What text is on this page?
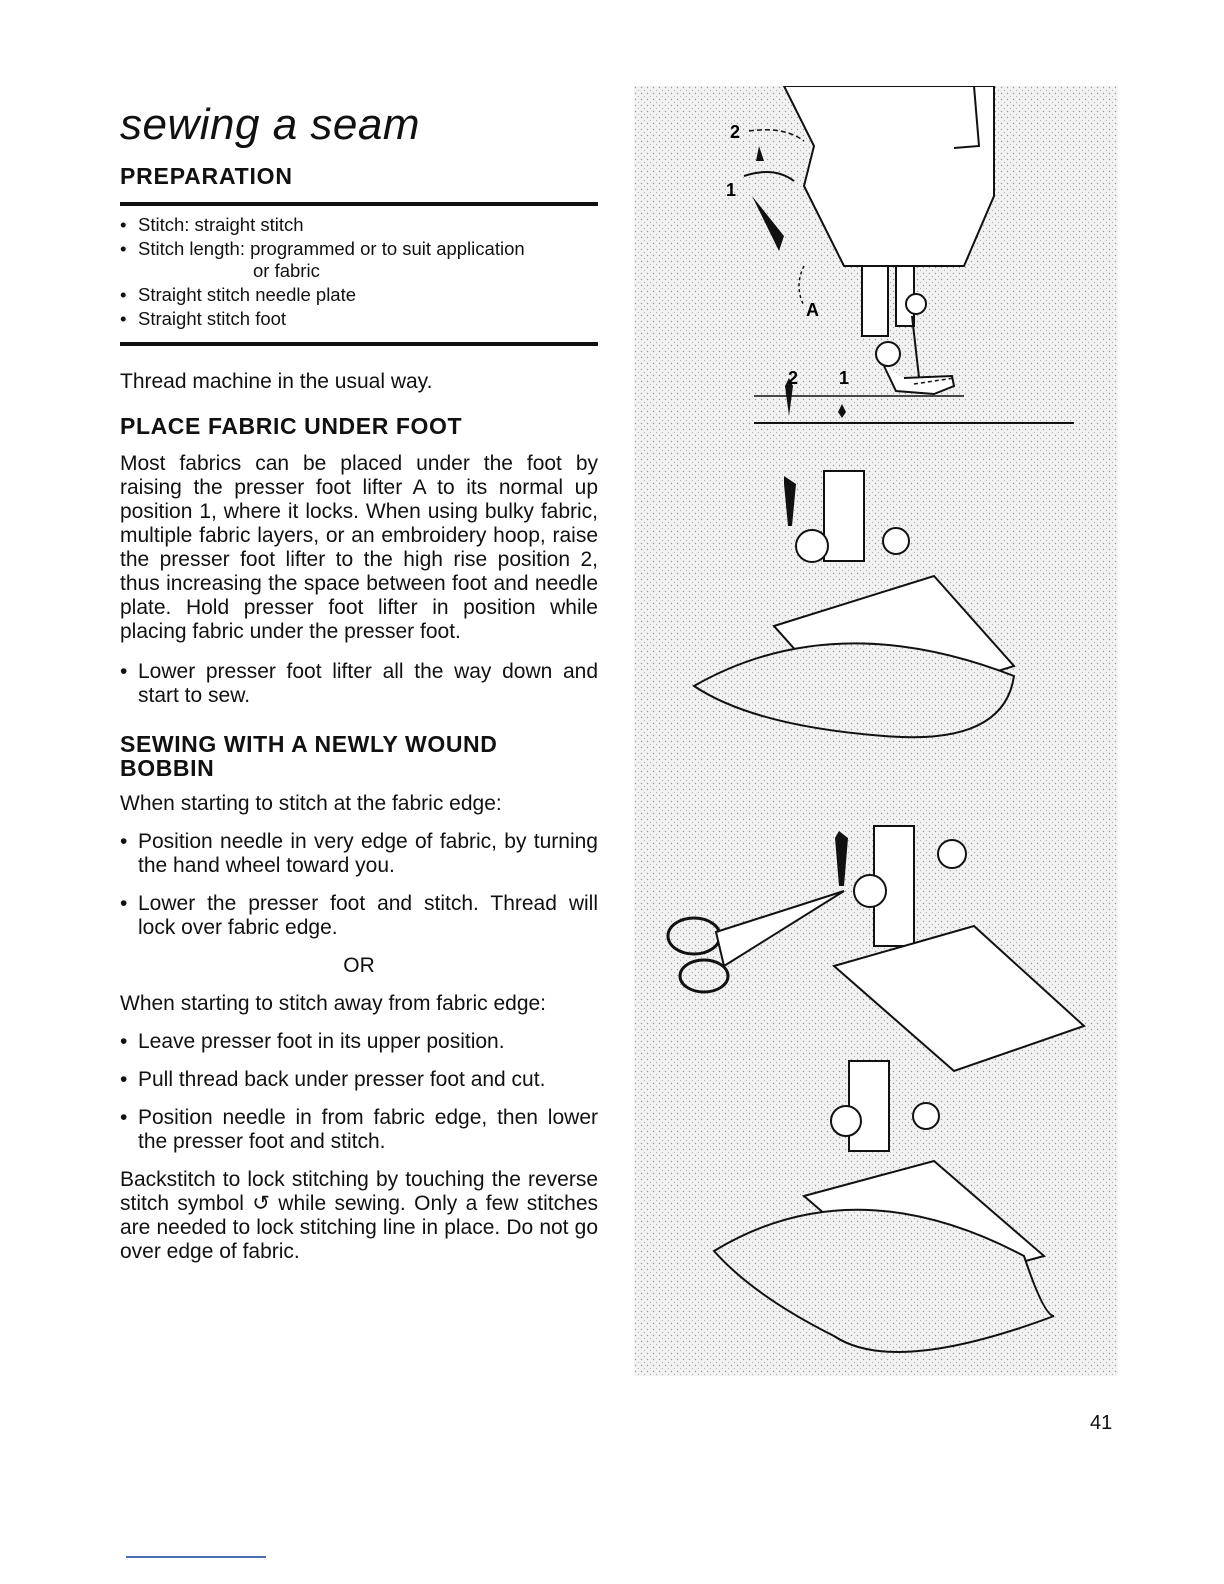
sewing a seam
PREPARATION
• Stitch: straight stitch
• Stitch length: programmed or to suit application
or fabric
• Straight stitch needle plate
• Straight stitch foot

Thread machine in the usual way.

PLACE FABRIC UNDER FOOT

Most fabrics can be placed under the foot by raising the presser foot lifter A to its normal up position 1, where it locks. When using bulky fabric, multiple fabric layers, or an embroidery hoop, raise the presser foot lifter to the high rise position 2, thus increasing the space between foot and needle plate. Hold presser foot lifter in position while placing fabric under the presser foot.

• Lower presser foot lifter all the way down and start to sew.

SEWING WITH A NEWLY WOUND BOBBIN

When starting to stitch at the fabric edge:

• Position needle in very edge of fabric, by turning the hand wheel toward you.

• Lower the presser foot and stitch. Thread will lock over fabric edge.

OR

When starting to stitch away from fabric edge:

• Leave presser foot in its upper position.

• Pull thread back under presser foot and cut.

• Position needle in from fabric edge, then lower the presser foot and stitch.

Backstitch to lock stitching by touching the reverse stitch symbol ↺ while sewing. Only a few stitches are needed to lock stitching line in place. Do not go over edge of fabric.

2
1
A
2 1
41
